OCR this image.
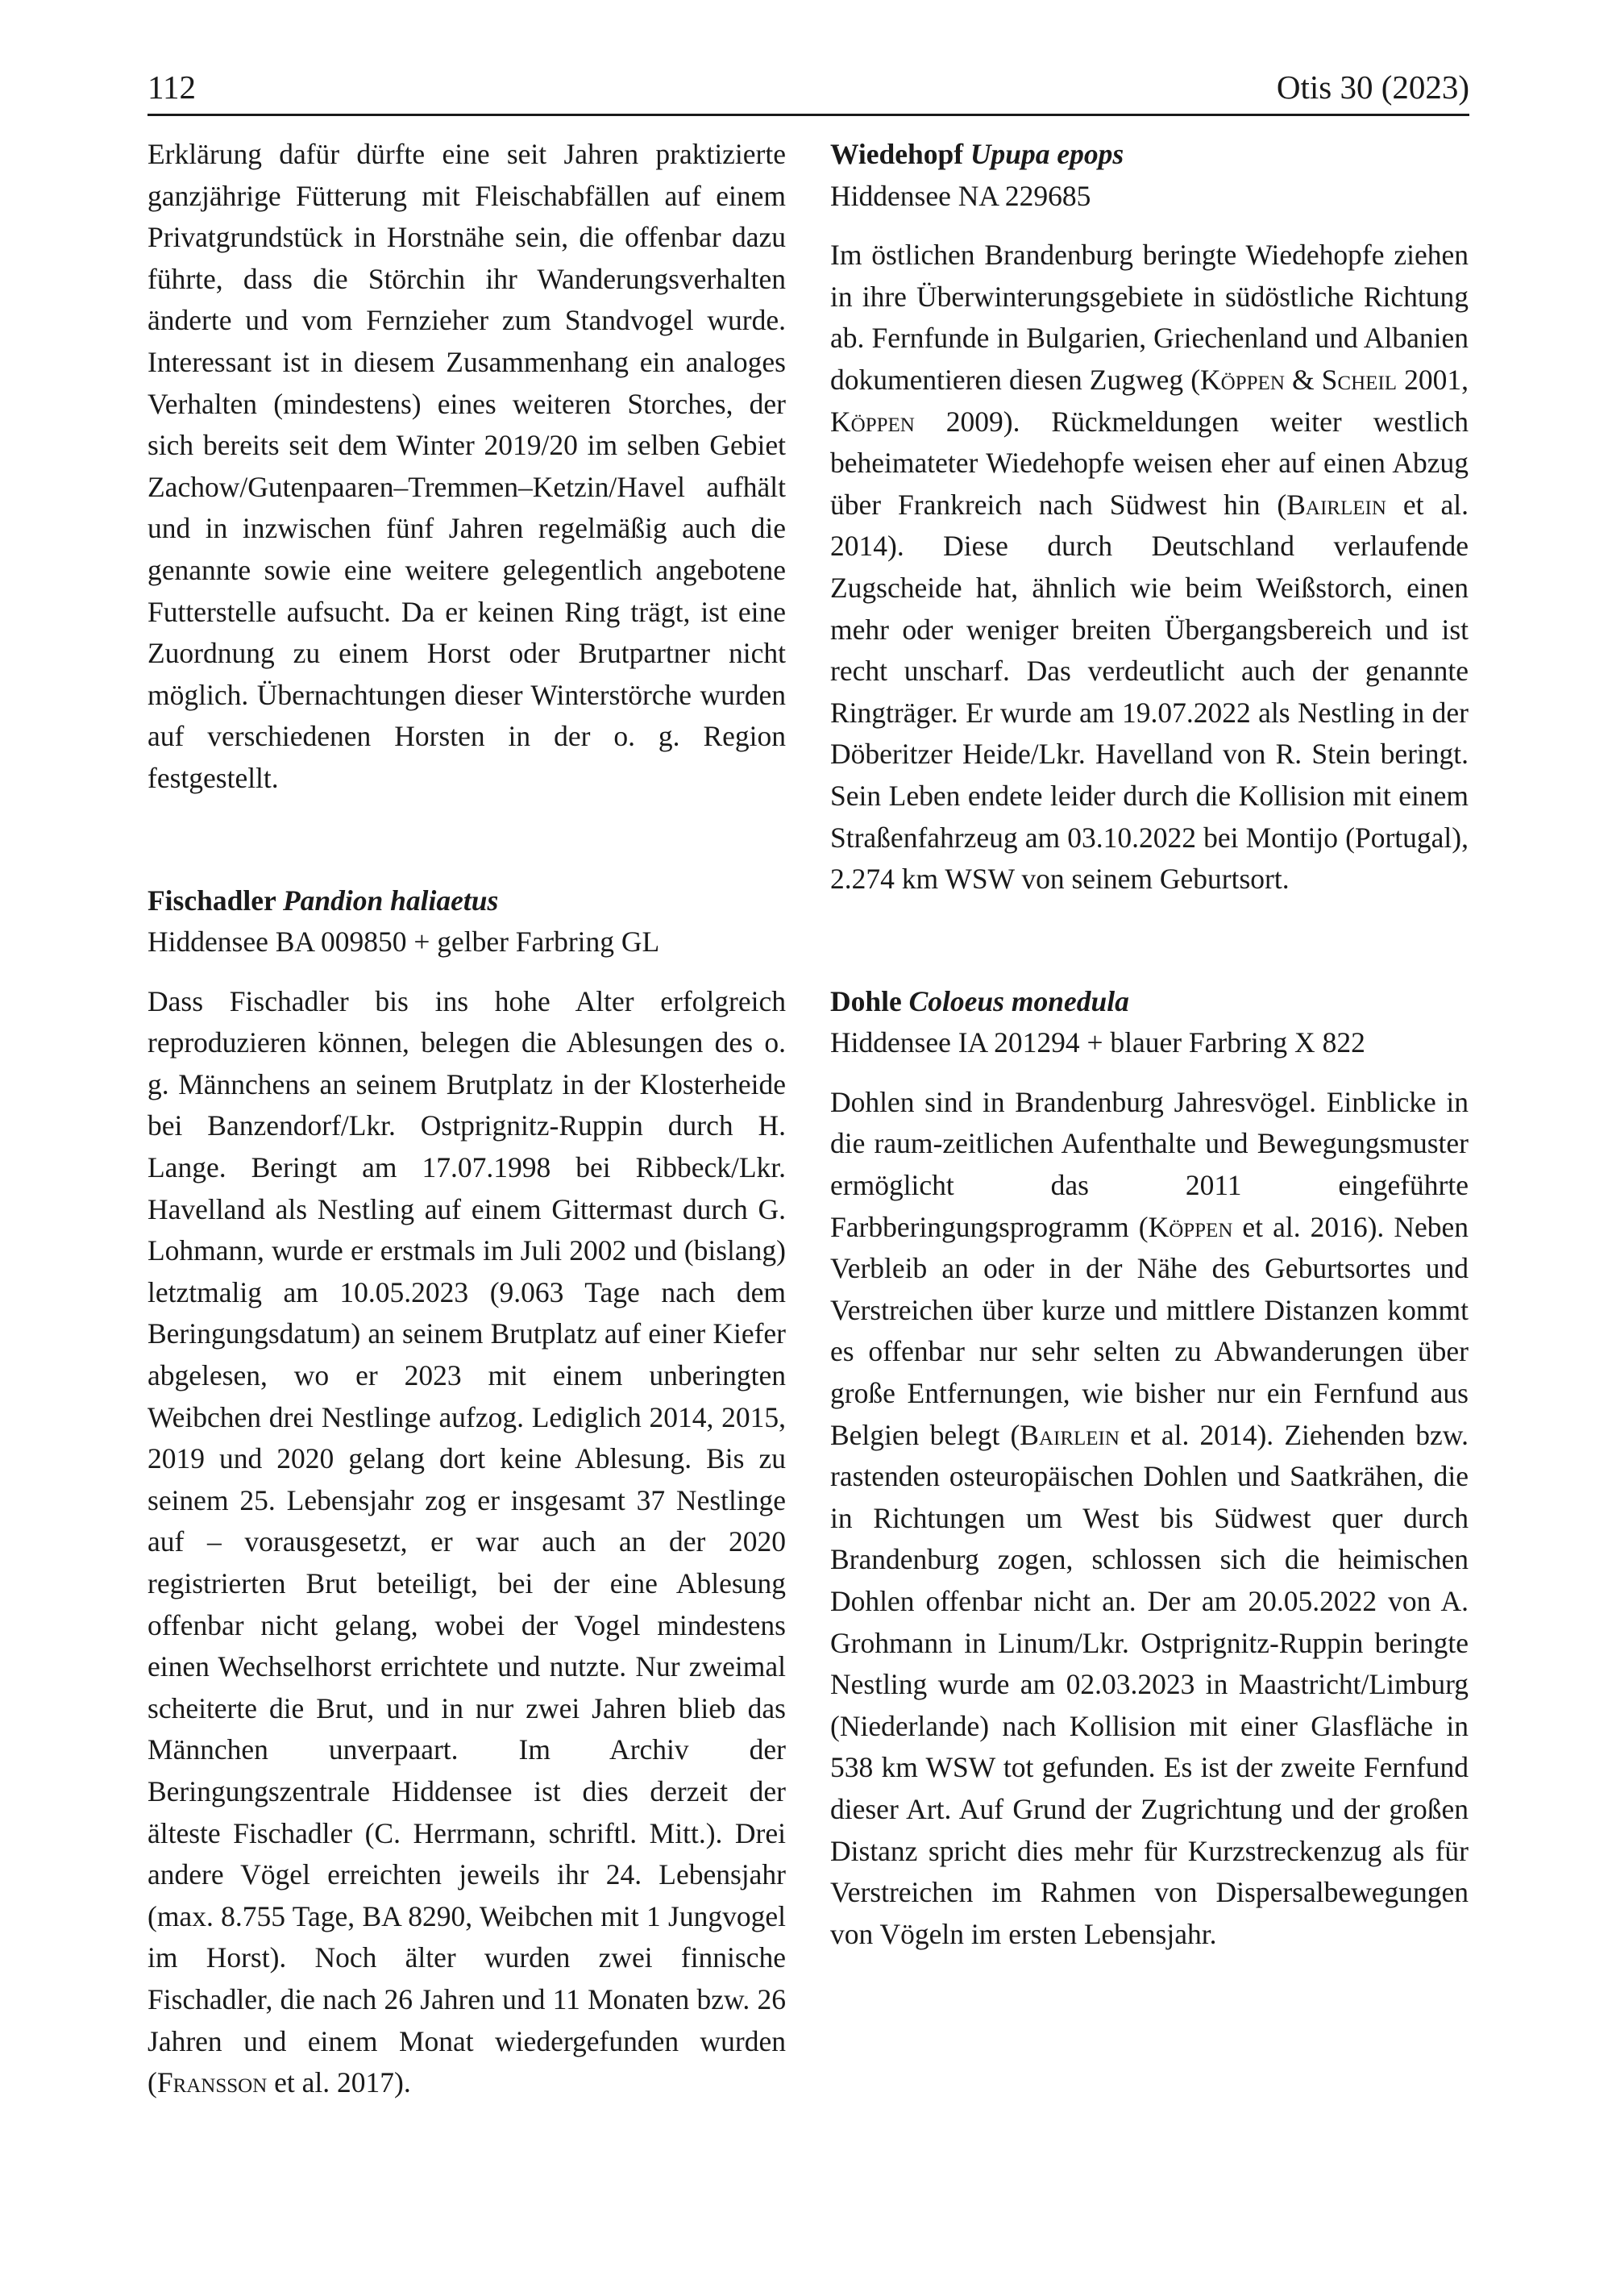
112	Otis 30 (2023)

Erklärung dafür dürfte eine seit Jahren praktizierte ganzjährige Fütterung mit Fleischabfällen auf einem Privatgrundstück in Horstnähe sein, die offenbar dazu führte, dass die Störchin ihr Wanderungsverhalten änderte und vom Fernzieher zum Standvogel wurde. Interessant ist in diesem Zusammenhang ein analoges Verhalten (mindestens) eines weiteren Storches, der sich bereits seit dem Winter 2019/20 im selben Gebiet Zachow/Gutenpaaren–Tremmen–Ketzin/Havel aufhält und in inzwischen fünf Jahren regelmäßig auch die genannte sowie eine weitere gelegentlich angebotene Futterstelle aufsucht. Da er keinen Ring trägt, ist eine Zuordnung zu einem Horst oder Brutpartner nicht möglich. Übernachtungen dieser Winterstörche wurden auf verschiedenen Horsten in der o. g. Region festgestellt.

Fischadler Pandion haliaetus

Hiddensee BA 009850 + gelber Farbring GL

Dass Fischadler bis ins hohe Alter erfolgreich reproduzieren können, belegen die Ablesungen des o. g. Männchens an seinem Brutplatz in der Klosterheide bei Banzendorf/Lkr. Ostprignitz-Ruppin durch H. Lange. Beringt am 17.07.1998 bei Ribbeck/Lkr. Havelland als Nestling auf einem Gittermast durch G. Lohmann, wurde er erstmals im Juli 2002 und (bislang) letztmalig am 10.05.2023 (9.063 Tage nach dem Beringungsdatum) an seinem Brutplatz auf einer Kiefer abgelesen, wo er 2023 mit einem unberingten Weibchen drei Nestlinge aufzog. Lediglich 2014, 2015, 2019 und 2020 gelang dort keine Ablesung. Bis zu seinem 25. Lebensjahr zog er insgesamt 37 Nestlinge auf – vorausgesetzt, er war auch an der 2020 registrierten Brut beteiligt, bei der eine Ablesung offenbar nicht gelang, wobei der Vogel mindestens einen Wechselhorst errichtete und nutzte. Nur zweimal scheiterte die Brut, und in nur zwei Jahren blieb das Männchen unverpaart. Im Archiv der Beringungszentrale Hiddensee ist dies derzeit der älteste Fischadler (C. Herrmann, schriftl. Mitt.). Drei andere Vögel erreichten jeweils ihr 24. Lebensjahr (max. 8.755 Tage, BA 8290, Weibchen mit 1 Jungvogel im Horst). Noch älter wurden zwei finnische Fischadler, die nach 26 Jahren und 11 Monaten bzw. 26 Jahren und einem Monat wiedergefunden wurden (Fransson et al. 2017).

Wiedehopf Upupa epops

Hiddensee NA 229685

Im östlichen Brandenburg beringte Wiedehopfe ziehen in ihre Überwinterungsgebiete in südöstliche Richtung ab. Fernfunde in Bulgarien, Griechenland und Albanien dokumentieren diesen Zugweg (Köppen & Scheil 2001, Köppen 2009). Rückmeldungen weiter westlich beheimateter Wiedehopfe weisen eher auf einen Abzug über Frankreich nach Südwest hin (Bairlein et al. 2014). Diese durch Deutschland verlaufende Zugscheide hat, ähnlich wie beim Weißstorch, einen mehr oder weniger breiten Übergangsbereich und ist recht unscharf. Das verdeutlicht auch der genannte Ringträger. Er wurde am 19.07.2022 als Nestling in der Döberitzer Heide/Lkr. Havelland von R. Stein beringt. Sein Leben endete leider durch die Kollision mit einem Straßenfahrzeug am 03.10.2022 bei Montijo (Portugal), 2.274 km WSW von seinem Geburtsort.

Dohle Coloeus monedula

Hiddensee IA 201294 + blauer Farbring X 822

Dohlen sind in Brandenburg Jahresvögel. Einblicke in die raum-zeitlichen Aufenthalte und Bewegungsmuster ermöglicht das 2011 eingeführte Farbberingungsprogramm (Köppen et al. 2016). Neben Verbleib an oder in der Nähe des Geburtsortes und Verstreichen über kurze und mittlere Distanzen kommt es offenbar nur sehr selten zu Abwanderungen über große Entfernungen, wie bisher nur ein Fernfund aus Belgien belegt (Bairlein et al. 2014). Ziehenden bzw. rastenden osteuropäischen Dohlen und Saatkrähen, die in Richtungen um West bis Südwest quer durch Brandenburg zogen, schlossen sich die heimischen Dohlen offenbar nicht an. Der am 20.05.2022 von A. Grohmann in Linum/Lkr. Ostprignitz-Ruppin beringte Nestling wurde am 02.03.2023 in Maastricht/Limburg (Niederlande) nach Kollision mit einer Glasfläche in 538 km WSW tot gefunden. Es ist der zweite Fernfund dieser Art. Auf Grund der Zugrichtung und der großen Distanz spricht dies mehr für Kurzstreckenzug als für Verstreichen im Rahmen von Dispersalbewegungen von Vögeln im ersten Lebensjahr.
